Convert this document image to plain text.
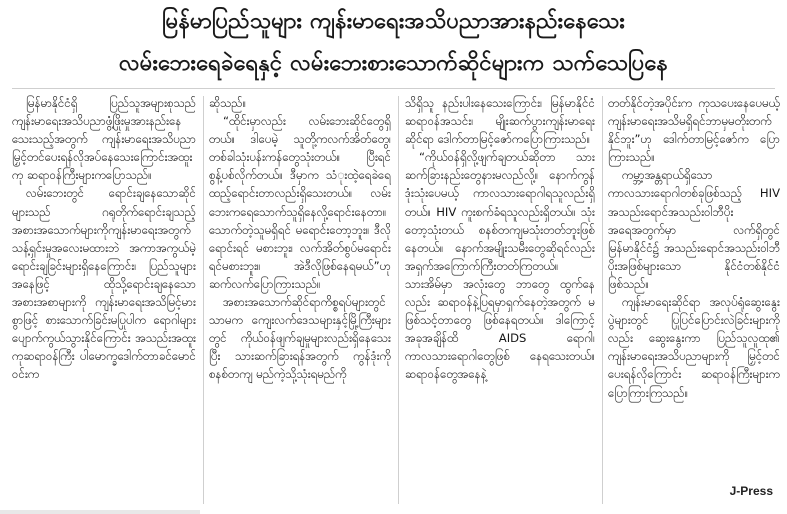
မြန်မာပြည်သူများ ကျန်းမာရေးအသိပညာအားနည်းနေသေး
လမ်းဘေးရေခဲရေနှင့် လမ်းဘေးစားသောက်ဆိုင်များက သက်သေပြနေ

မြန်မာနိုင်ငံရှိ ပြည်သူအများစုသည် ကျန်းမာရေးအသိပညာဖွံ့ဖြိုးမှုအားနည်းနေသေးသည့်အတွက် ကျန်းမာရေးအသိပညာမြှင့်တင်ပေးရန်လိုအပ်နေသေးကြောင်းအထူးကု ဆရာဝန်ကြီးများကပြောသည်။

လမ်းဘေးတွင် ရောင်းချနေသောဆိုင်များသည် ဂရုတိုက်ရောင်းချသည့်အစားအသောက်များကိုကျန်းမာရေးအတွက် သန့်ရှင်းမှုအလေးမထားဘဲ အကာအကွယ်မဲ့ရောင်းချခြင်းများရှိနေကြောင်း၊ ပြည်သူများအနေဖြင့် ထိုသို့ရောင်းချနေသော အစားအစာများကို ကျန်းမာရေးအသိမြင့်မားစွာဖြင့် စားသောက်ခြင်းမပြုပါက ရောဂါများ ပျောက်ကွယ်သွားနိုင်ကြောင်း အသည်းအထူးကုဆရာဝန်ကြီး ပါမောက္ခဒေါက်တာခင်မောင်ဝင်းက

ဆိုသည်။

“ထိုင်းမှာလည်း လမ်းဘေးဆိုင်တွေရှိတယ်။ ဒါပေမဲ့ သူတို့ကလက်အိတ်တွေ၊ တစ်ခါသုံးပန်းကန်တွေသုံးတယ်။ ပြီးရင် စွန့်ပစ်လိုက်တယ်။ ဒီမှာက သံုးထဲဲ့ရေခဲရေထည့်ရောင်းတာလည်းရှိသေးတယ်။ လမ်းဘေးကရေသောက်သူရှိနေလို့ရောင်းနေတာ။ သောက်တဲ့သူမရှိရင် မရောင်းတော့ဘူး။ ဒီလိုရောင်းရင် မစားဘူး၊ လက်အိတ်စွပ်မရောင်းရင်မစားဘူး။ အဲဒီလိုဖြစ်နေရမယ်”ဟု ဆက်လက်ပြောကြားသည်။

အစားအသောက်ဆိုင်ရာကိစ္စရပ်များတွင်သာမက ကျေးလက်ဒေသများနှင့်မြို့ကြီးများတွင် ကိုယ်ဝန်ဖျက်ချမှုများလည်းရှိနေသေးပြီး သားဆက်ခြားရန်အတွက် ကွန်ဒုံးကိုစနစ်တကျ မည်ကဲ့သို့သုံးရမည်ကို

သိရှိသူ နည်းပါးနေသေးကြောင်း၊ မြန်မာနိုင်ငံဆရာဝန်အသင်း၊ မျိုးဆက်ပွားကျန်းမာရေးဆိုင်ရာ ဒေါက်တာမြင့်ဇော်ကပြောကြားသည်။

“ကိုယ်ဝန်ရှိလို့ဖျက်ချတယ်ဆိုတာ သားဆက်ခြားနည်းတွေနားမလည်လို့။ နောက်ကွန်ဒုံးသုံးပေမယ့် ကာလသားရောဂါရသူလည်းရှိတယ်။ HIV ကူးစက်ခံရသူလည်းရှိတယ်။ သုံးတော့သုံးတယ် စနစ်တကျမသုံးတတ်ဘူးဖြစ်နေတယ်။ နောက်အမျိုးသမီးတွေဆိုရင်လည်း အရှက်အကြောက်ကြီးတတ်ကြတယ်။ သားအိမ်မှာ အလုံးတွေ ဘာတွေ ထွက်နေလည်း ဆရာဝန်နဲ့ပြရမှာရှက်နေတဲ့အတွက် မဖြစ်သင့်တာတွေ ဖြစ်နေရတယ်။ ဒါကြောင့် အခုအချိန်ထိ AIDS ရောဂါ၊ ကာလသားရောဂါတွေဖြစ် နေရသေးတယ်။ ဆရာဝန်တွေအနေနဲ့

တတ်နိုင်တဲ့အပိုင်းက ကုသပေးနေပေမယ့် ကျန်းမာရေးအသိမရှိရင်ဘာမှမတိုးတက်နိုင်ဘူး”ဟု ဒေါက်တာမြင့်ဇော်က ပြောကြားသည်။

ကမ္ဘာ့အန္တရာယ်ရှိသော ကာလသားရောဂါတစ်ခုဖြစ်သည့် HIV အသည်းရောင်အသည်းဝါဘီပိုး အရေအတွက်မှာ လက်ရှိတွင် မြန်မာနိုင်ငံ၌ အသည်းရောင်အသည်းဝါဘီပိုးအဖြစ်များသော နိုင်ငံတစ်နိုင်ငံဖြစ်သည်။

ကျန်းမာရေးဆိုင်ရာ အလုပ်ရုံဆွေးနွေးပွဲများတွင် ပြုပြင်ပြောင်းလဲခြင်းများကိုလည်း ဆွေးနွေးကာ ပြည်သူလူထု၏ ကျန်းမာရေးအသိပညာများကို မြှင့်တင်ပေးရန်လိုကြောင်း ဆရာဝန်ကြီးများက ပြောကြားကြသည်။

J-Press
